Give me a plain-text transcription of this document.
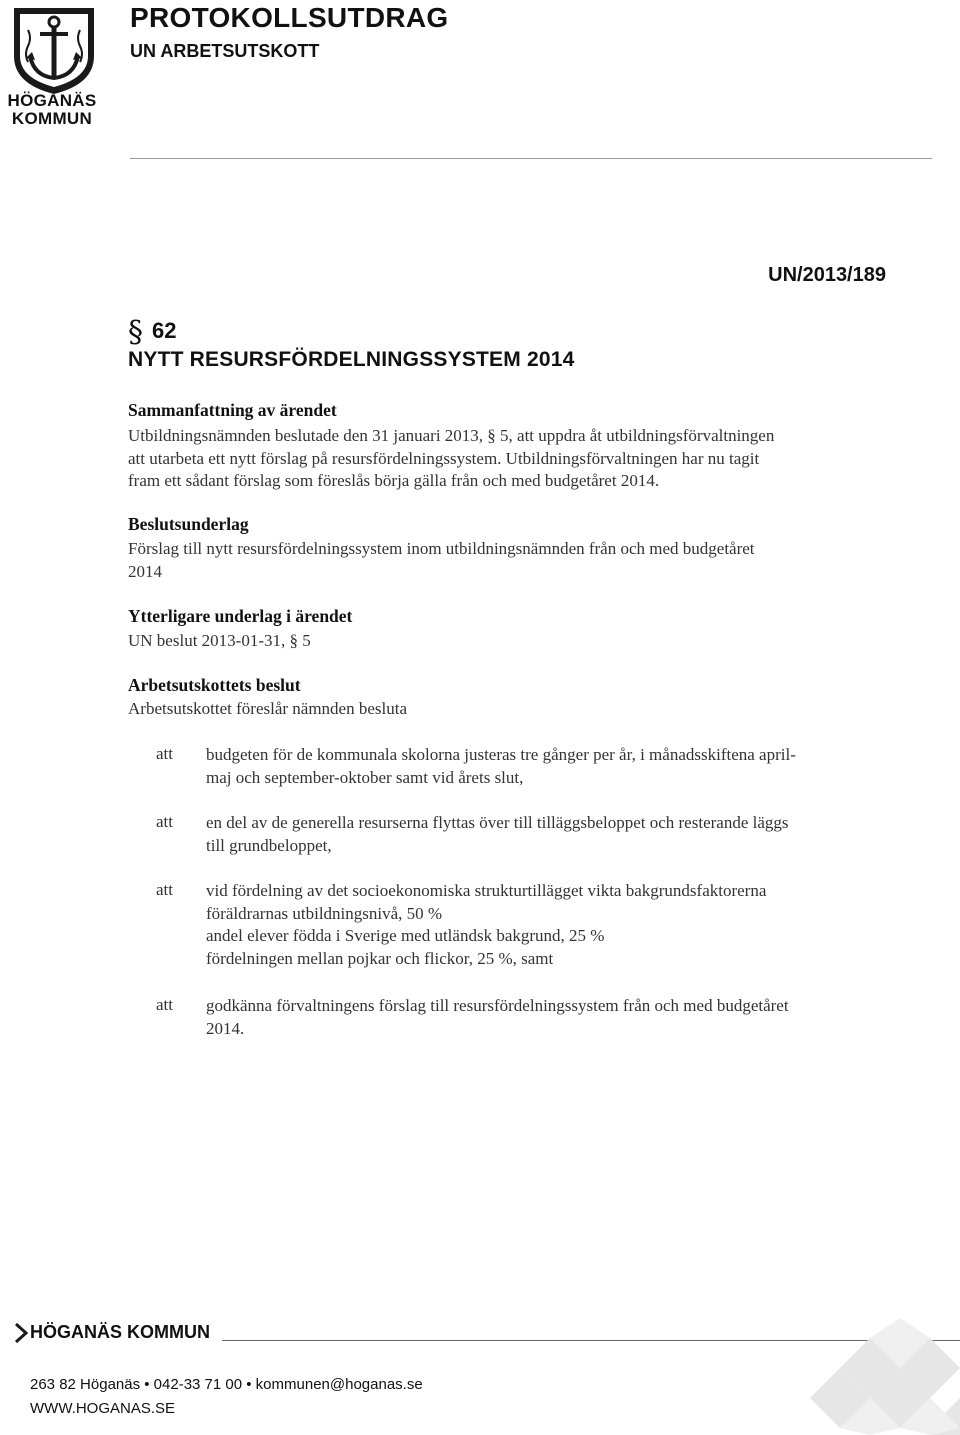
HÖGANÄS
KOMMUN
PROTOKOLLSUTDRAG
UN ARBETSUTSKOTT
UN/2013/189
§ 62
NYTT RESURSFÖRDELNINGSSYSTEM 2014
Sammanfattning av ärendet
Utbildningsnämnden beslutade den 31 januari 2013, § 5, att uppdra åt utbildningsförvaltningen
att utarbeta ett nytt förslag på resursfördelningssystem. Utbildningsförvaltningen har nu tagit
fram ett sådant förslag som föreslås börja gälla från och med budgetåret 2014.
Beslutsunderlag
Förslag till nytt resursfördelningssystem inom utbildningsnämnden från och med budgetåret
2014
Ytterligare underlag i ärendet
UN beslut 2013-01-31, § 5
Arbetsutskottets beslut
Arbetsutskottet föreslår nämnden besluta
att budgeten för de kommunala skolorna justeras tre gånger per år, i månadsskiftena april-
maj och september-oktober samt vid årets slut,
att en del av de generella resurserna flyttas över till tilläggsbeloppet och resterande läggs
till grundbeloppet,
att vid fördelning av det socioekonomiska strukturtillägget vikta bakgrundsfaktorerna
föräldrarnas utbildningsnivå, 50 %
andel elever födda i Sverige med utländsk bakgrund, 25 %
fördelningen mellan pojkar och flickor, 25 %, samt
att godkänna förvaltningens förslag till resursfördelningssystem från och med budgetåret
2014.
HÖGANÄS KOMMUN
263 82 Höganäs • 042-33 71 00 • kommunen@hoganas.se
WWW.HOGANAS.SE
